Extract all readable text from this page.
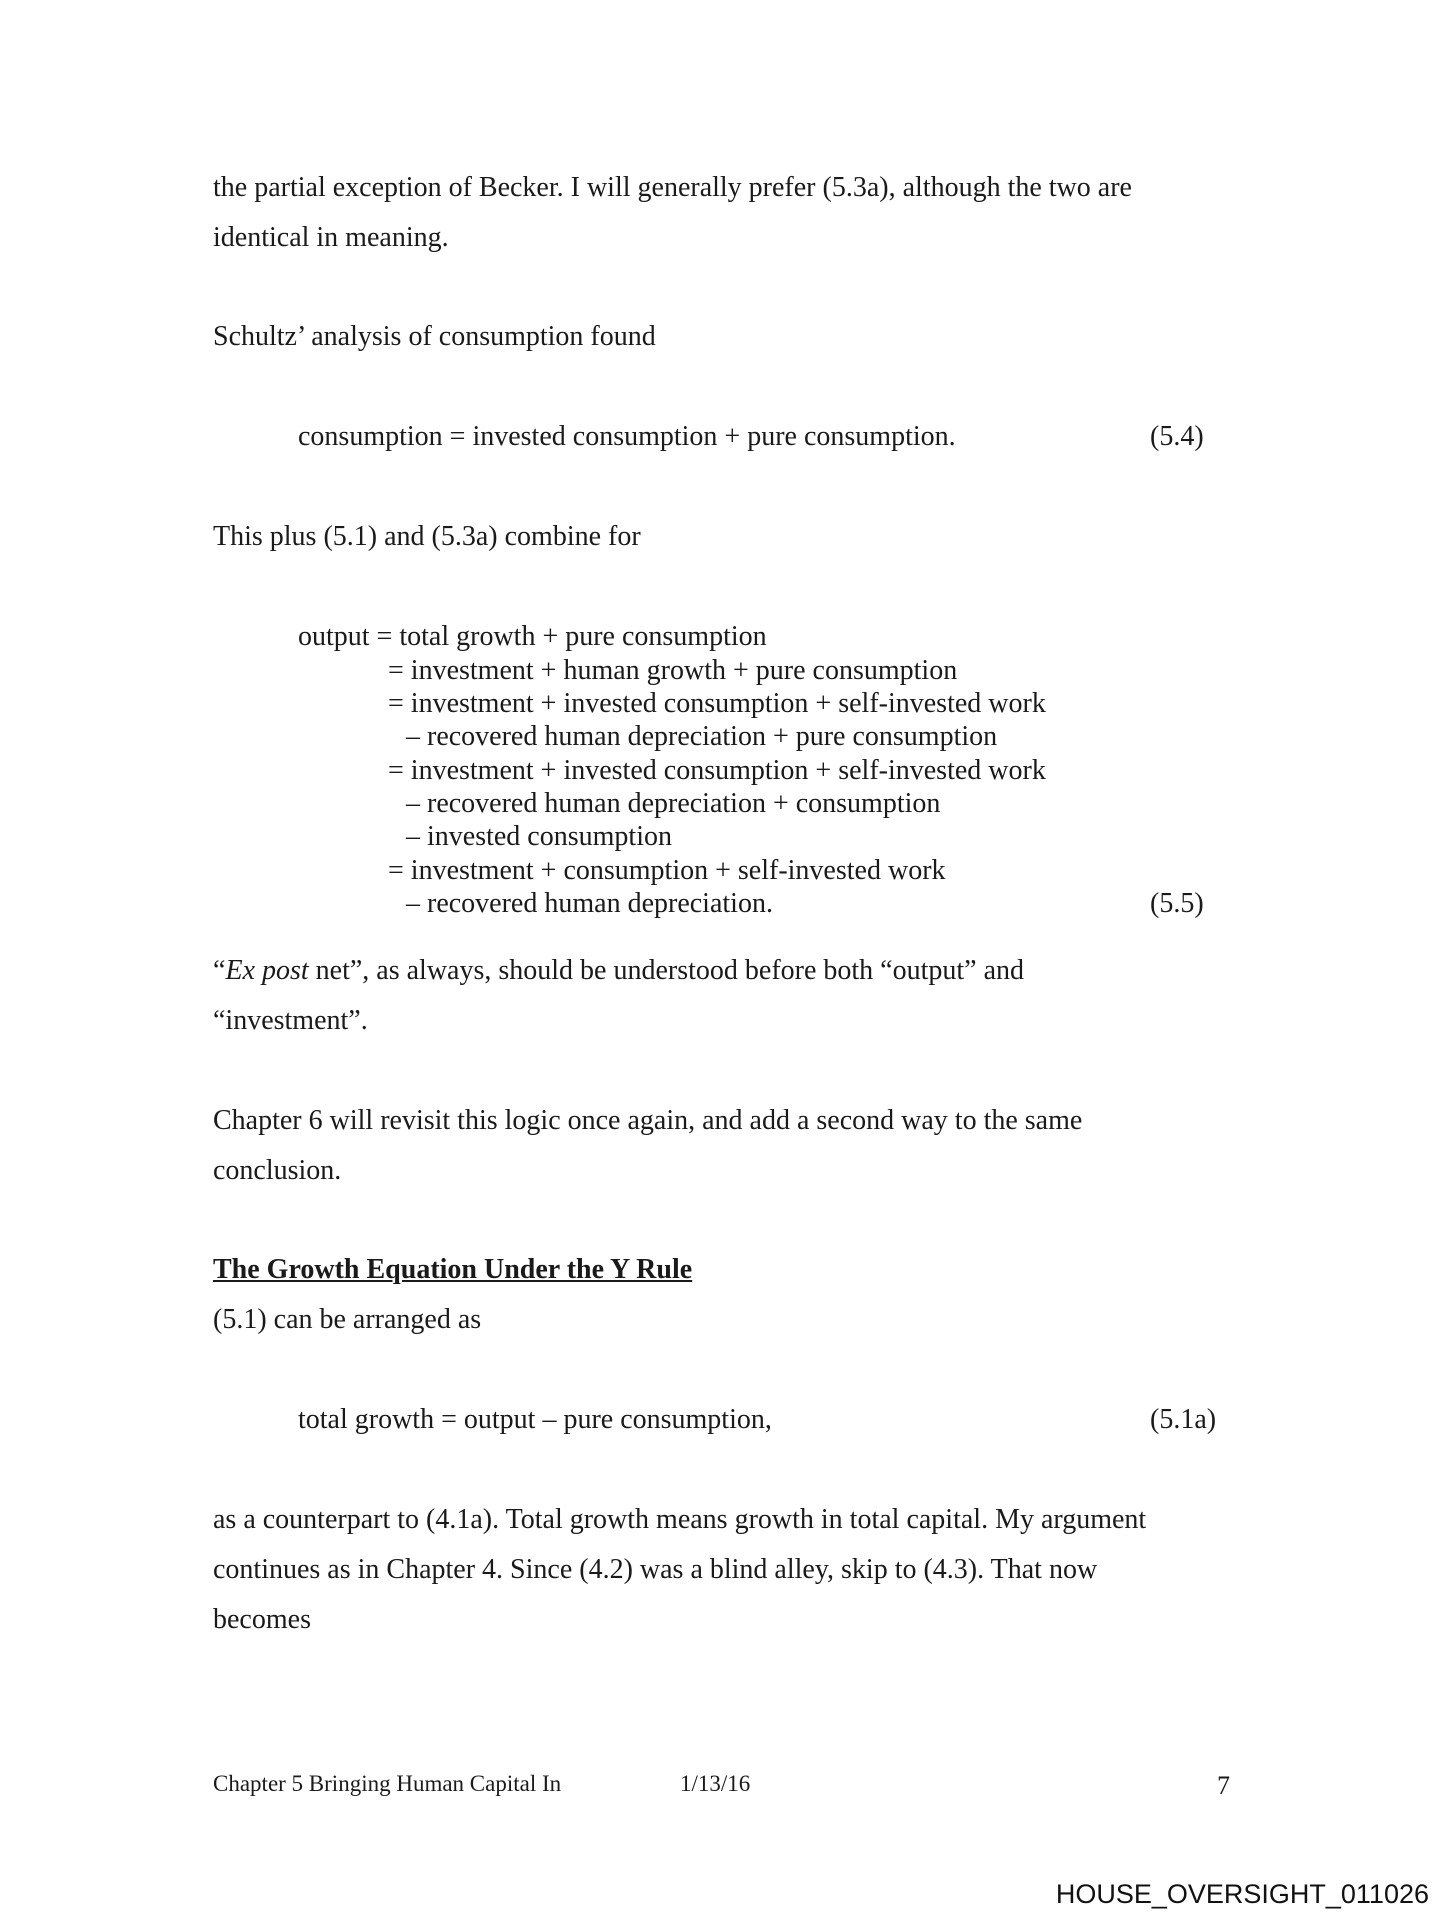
the partial exception of Becker. I will generally prefer (5.3a), although the two are
identical in meaning.
Schultz’ analysis of consumption found
consumption = invested consumption + pure consumption.	(5.4)
This plus (5.1) and (5.3a) combine for
output = total growth + pure consumption
= investment + human growth + pure consumption
= investment + invested consumption + self-invested work
– recovered human depreciation + pure consumption
= investment + invested consumption + self-invested work
– recovered human depreciation + consumption
– invested consumption
= investment + consumption + self-invested work
– recovered human depreciation.	(5.5)
“Ex post net”, as always, should be understood before both “output” and
“investment”.
Chapter 6 will revisit this logic once again, and add a second way to the same
conclusion.
The Growth Equation Under the Y Rule
(5.1) can be arranged as
total growth = output – pure consumption,	(5.1a)
as a counterpart to (4.1a). Total growth means growth in total capital. My argument
continues as in Chapter 4. Since (4.2) was a blind alley, skip to (4.3). That now
becomes
Chapter 5 Bringing Human Capital In	1/13/16	7
HOUSE_OVERSIGHT_011026
